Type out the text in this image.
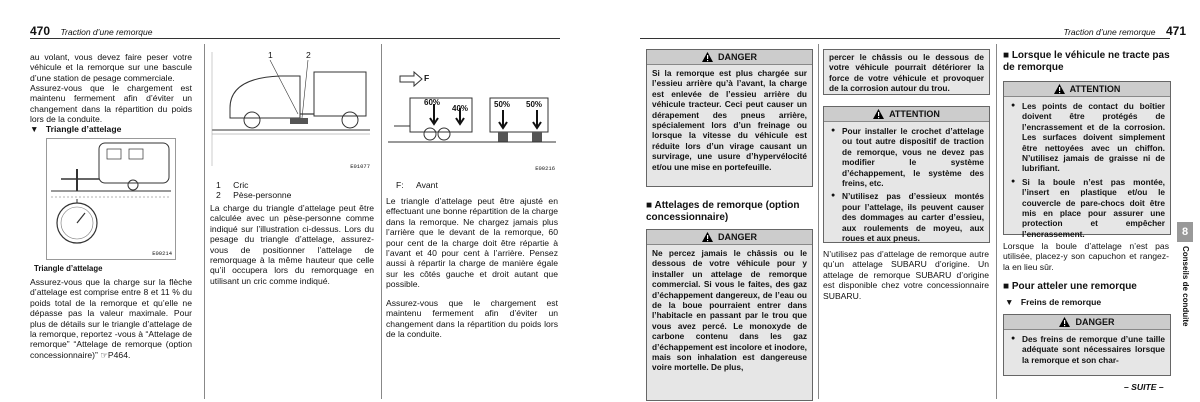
470 Traction d’une remorque
au volant, vous devez faire peser votre véhicule et la remorque sur une bascule d’une station de pesage commerciale.
Assurez-vous que le chargement est maintenu fermement afin d’éviter un changement dans la répartition du poids lors de la conduite.
▼ Triangle d’attelage
E00214
Triangle d’attelage
Assurez-vous que la charge sur la flèche d’attelage est comprise entre 8 et 11 % du poids total de la remorque et qu’elle ne dépasse pas la valeur maximale. Pour plus de détails sur le triangle d’attelage de la remorque, reportez -vous à “Attelage de remorque” “Attelage de remorque (option concessionnaire)” ☞P464.
1	2
E01077
1 Cric
2 Pèse-personne
La charge du triangle d’attelage peut être calculée avec un pèse-personne comme indiqué sur l’illustration ci-dessus. Lors du pesage du triangle d’attelage, assurez-vous de positionner l’attelage de remorquage à la même hauteur que celle qu’il occupera lors du remorquage en utilisant un cric comme indiqué.
F
60%
40%	50% 50%
E00216
F: Avant
Le triangle d’attelage peut être ajusté en effectuant une bonne répartition de la charge dans la remorque. Ne chargez jamais plus l’arrière que le devant de la remorque, 60 pour cent de la charge doit être répartie à l’avant et 40 pour cent à l’arrière. Pensez aussi à répartir la charge de manière égale sur les côtés gauche et droit autant que possible.
Assurez-vous que le chargement est maintenu fermement afin d’éviter un changement dans la répartition du poids lors de la conduite.
Traction d’une remorque 471
DANGER
Si la remorque est plus chargée sur l’essieu arrière qu’à l’avant, la charge est enlevée de l’essieu arrière du véhicule tracteur. Ceci peut causer un dérapement des pneus arrière, spécialement lors d’un freinage ou lorsque la vitesse du véhicule est réduite lors d’un virage causant un survirage, une usure d’hypervélocité et/ou une mise en portefeuille.
■ Attelages de remorque (option concessionnaire)
DANGER
Ne percez jamais le châssis ou le dessous de votre véhicule pour y installer un attelage de remorque commercial. Si vous le faites, des gaz d’échappement dangereux, de l’eau ou de la boue pourraient entrer dans l’habitacle en passant par le trou que vous avez percé. Le monoxyde de carbone contenu dans les gaz d’échappement est incolore et inodore, mais son inhalation est dangereuse voire mortelle. De plus,
percer le châssis ou le dessous de votre véhicule pourrait détériorer la force de votre véhicule et provoquer de la corrosion autour du trou.
ATTENTION
● Pour installer le crochet d’attelage ou tout autre dispositif de traction de remorque, vous ne devez pas modifier le système d’échappement, le système des freins, etc.
● N’utilisez pas d’essieux montés pour l’attelage, ils peuvent causer des dommages au carter d’essieu, aux roulements de moyeu, aux roues et aux pneus.
N’utilisez pas d’attelage de remorque autre qu’un attelage SUBARU d’origine. Un attelage de remorque SUBARU d’origine est disponible chez votre concessionnaire SUBARU.
■ Lorsque le véhicule ne tracte pas de remorque
ATTENTION
● Les points de contact du boîtier doivent être protégés de l’encrassement et de la corrosion. Les surfaces doivent simplement être nettoyées avec un chiffon. N’utilisez jamais de graisse ni de lubrifiant.
● Si la boule n’est pas montée, l’insert en plastique et/ou le couvercle de pare-chocs doit être mis en place pour assurer une protection et empêcher l’encrassement.
Lorsque la boule d’attelage n’est pas utilisée, placez-y son capuchon et rangez-la en lieu sûr.
■ Pour atteler une remorque
▼ Freins de remorque
DANGER
● Des freins de remorque d’une taille adéquate sont nécessaires lorsque la remorque et son char-
– SUITE –
8
Conseils de conduite
